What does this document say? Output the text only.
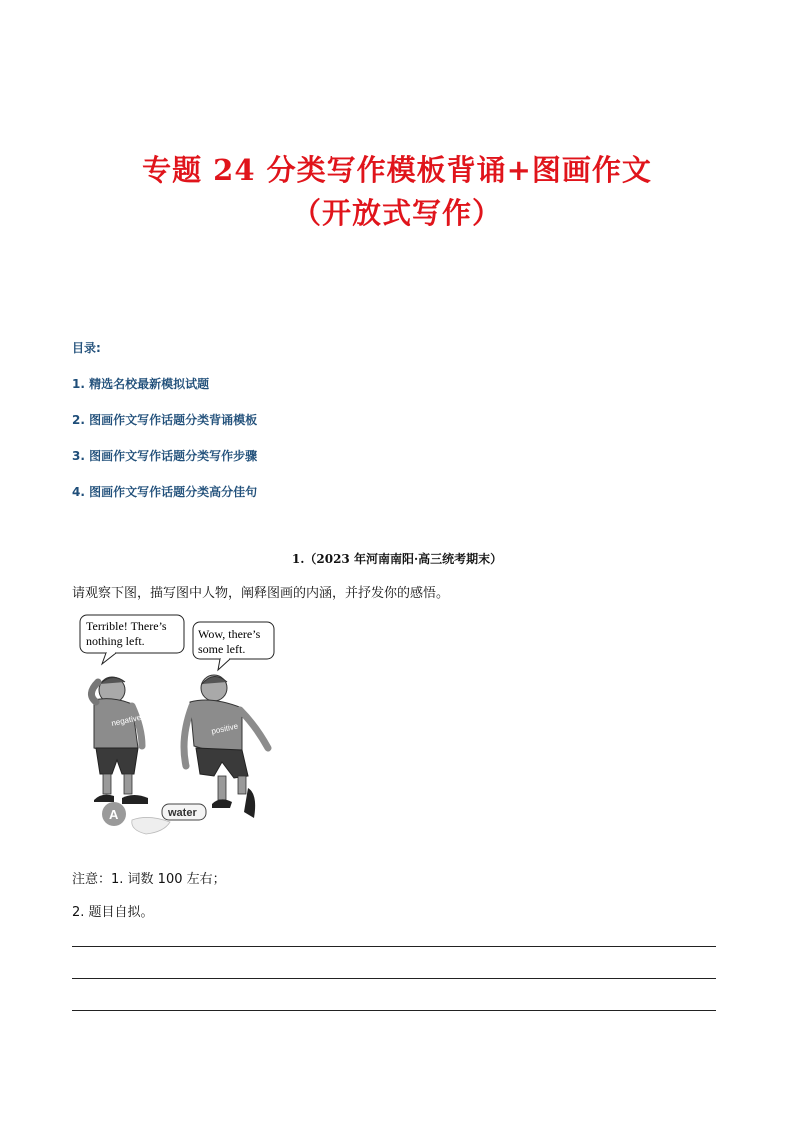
专题 24 分类写作模板背诵+图画作文
（开放式写作）
目录:
1. 精选名校最新模拟试题
2. 图画作文写作话题分类背诵模板
3. 图画作文写作话题分类写作步骤
4. 图画作文写作话题分类高分佳句
1.（2023 年河南南阳·高三统考期末）
请观察下图，描写图中人物，阐释图画的内涵，并抒发你的感悟。
Terrible! There’s
nothing left.	Wow, there’s
some left.
negative
positive
water
A
注意：1. 词数 100 左右；
2. 题目自拟。
